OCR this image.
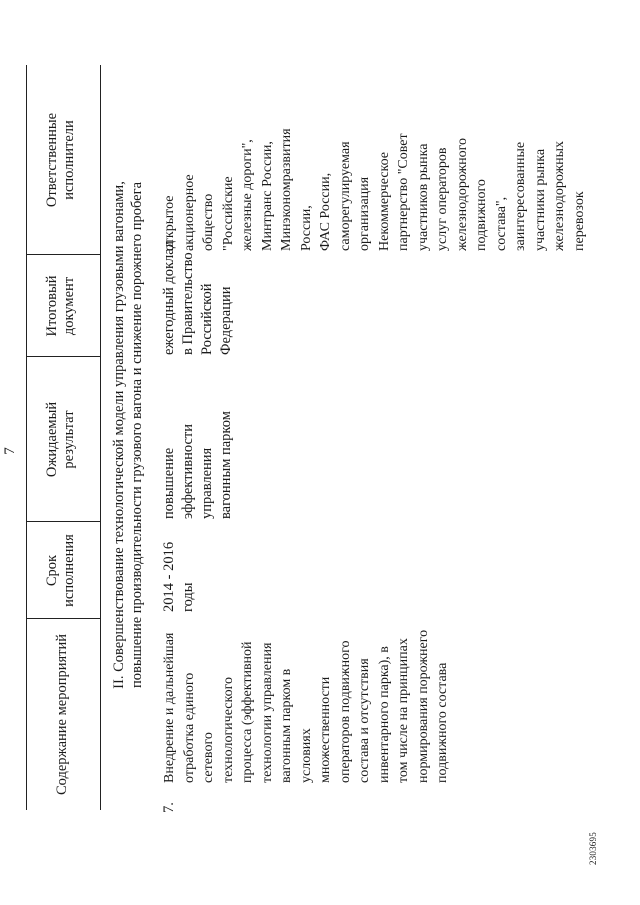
7
Содержание мероприятий
Срок
исполнения
Ожидаемый
результат
Итоговый
документ
Ответственные
исполнители
II. Совершенствование технологической модели управления грузовыми вагонами,
повышение производительности грузового вагона и снижение порожнего пробега
7.
Внедрение и дальнейшая
отработка единого
сетевого
технологического
процесса (эффективной
технологии управления
вагонным парком в
условиях
множественности
операторов подвижного
состава и отсутствия
инвентарного парка), в
том числе на принципах
нормирования порожнего
подвижного состава
2014 - 2016
годы
повышение
эффективности
управления
вагонным парком
ежегодный доклад
в Правительство
Российской
Федерации
открытое
акционерное
общество
"Российские
железные дороги",
Минтранс России,
Минэкономразвития
России,
ФАС России,
саморегулируемая
организация
Некоммерческое
партнерство "Совет
участников рынка
услуг операторов
железнодорожного
подвижного
состава",
заинтересованные
участники рынка
железнодорожных
перевозок
2303695
